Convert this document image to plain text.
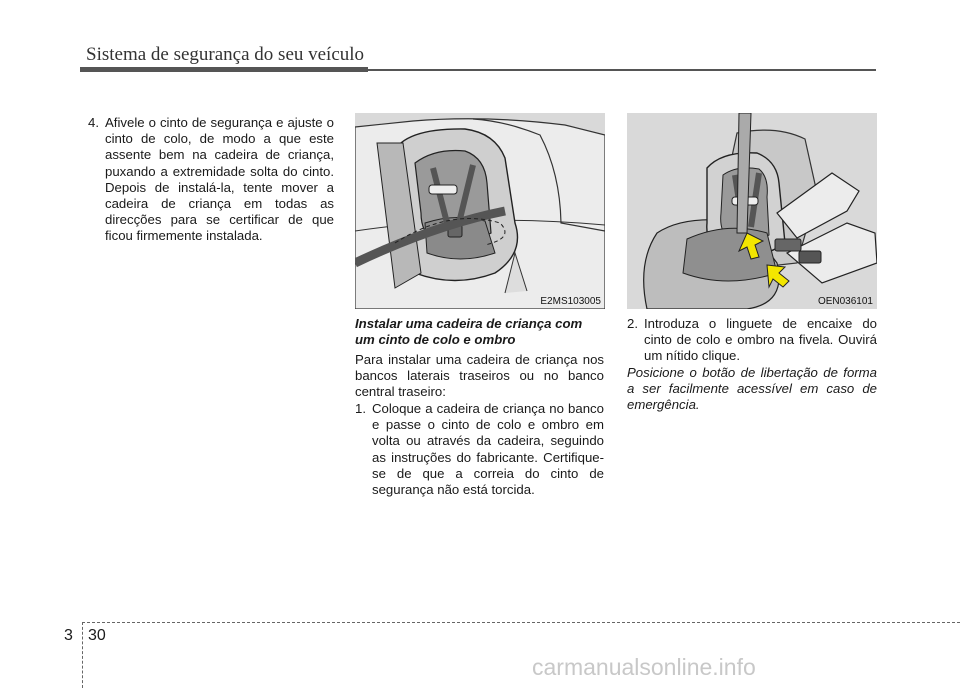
Sistema de segurança do seu veículo
4. Afivele o cinto de segurança e ajuste o cinto de colo, de modo a que este assente bem na cadeira de criança, puxando a extremidade solta do cinto. Depois de instalá-la, tente mover a cadeira de criança em todas as direcções para se certificar de que ficou firmemente instalada.
E2MS103005	OEN036101
Instalar uma cadeira de criança com um cinto de colo e ombro
Para instalar uma cadeira de criança nos bancos laterais traseiros ou no banco central traseiro:
1. Coloque a cadeira de criança no banco e passe o cinto de colo e ombro em volta ou através da cadeira, seguindo as instruções do fabricante. Certifique-se de que a correia do cinto de segurança não está torcida.
2. Introduza o linguete de encaixe do cinto de colo e ombro na fivela. Ouvirá um nítido clique.
Posicione o botão de libertação de forma a ser facilmente acessível em caso de emergência.
3 30
carmanualsonline.info
